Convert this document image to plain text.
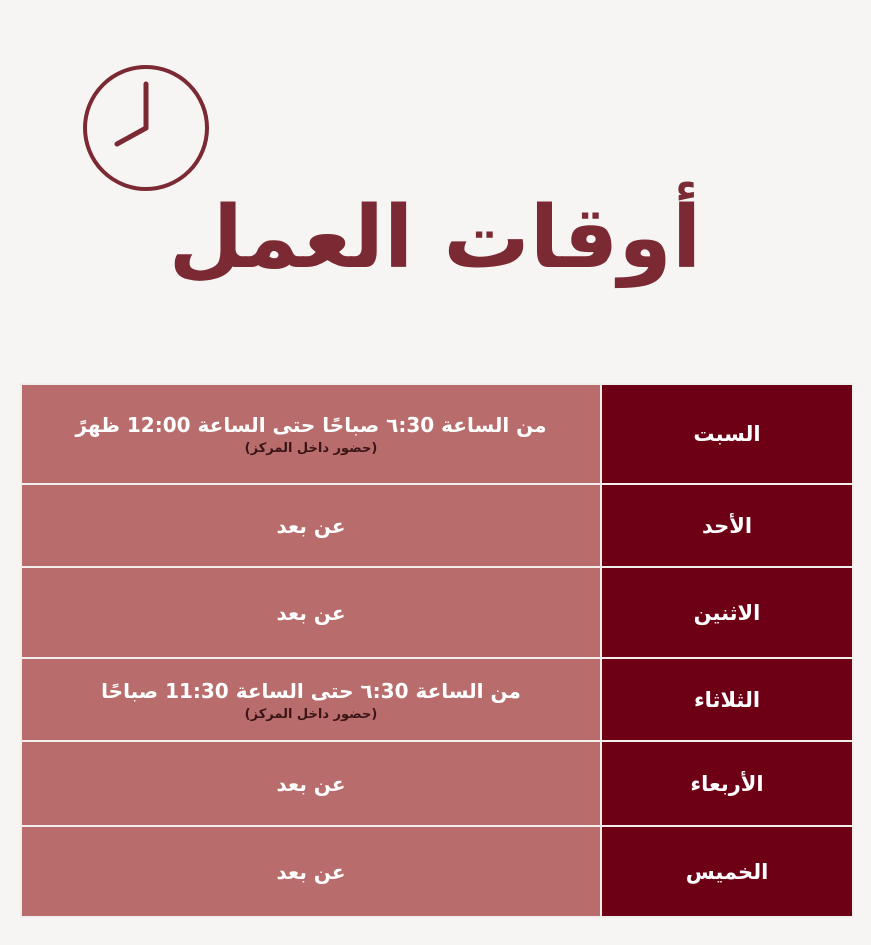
أوقات العمل
السبت	من الساعة ٦:30 صباحًا حتى الساعة 12:00 ظهرً
(حضور داخل المركز)

الأحد	عن بعد

الاثنين	عن بعد

الثلاثاء	من الساعة ٦:30 حتى الساعة 11:30 صباحًا
(حضور داخل المركز)

الأربعاء	عن بعد

الخميس	عن بعد
